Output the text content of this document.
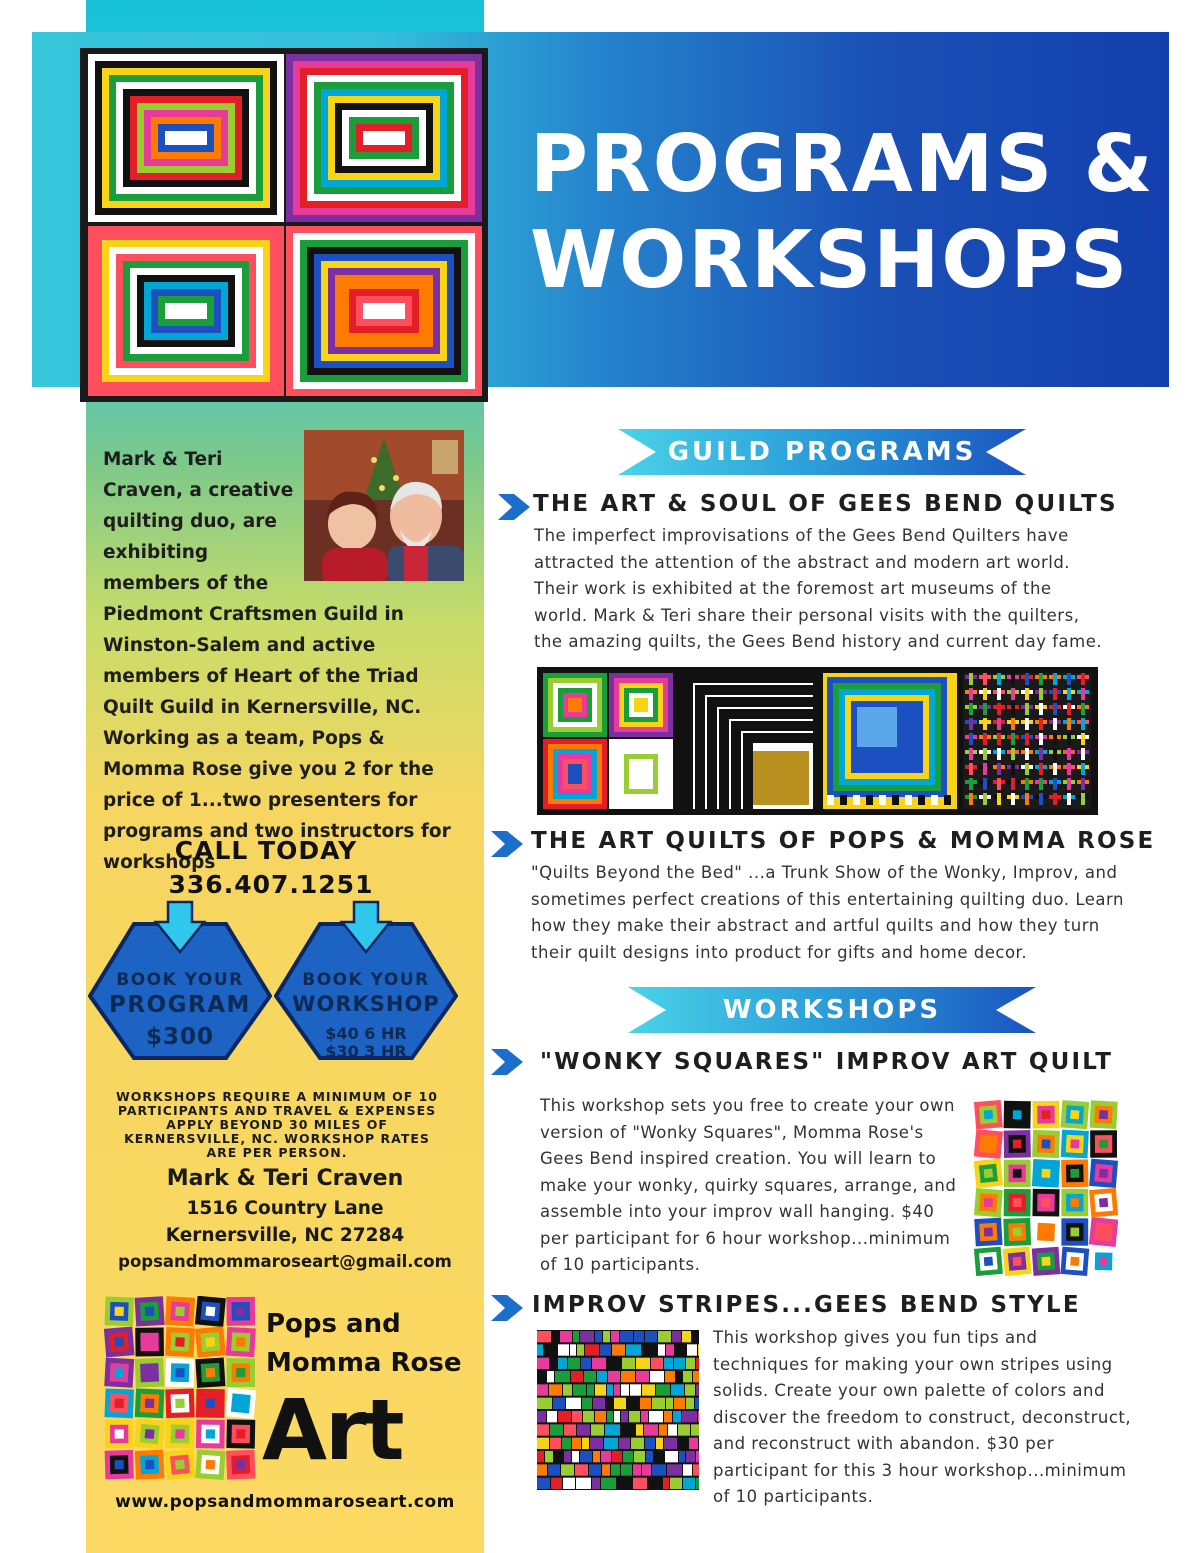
PROGRAMS &
WORKSHOPS

Mark & Teri Craven, a creative quilting duo, are exhibiting members of the Piedmont Craftsmen Guild in Winston-Salem and active members of Heart of the Triad Quilt Guild in Kernersville, NC. Working as a team, Pops & Momma Rose give you 2 for the price of 1...two presenters for programs and two instructors for workshops

CALL TODAY
336.407.1251
BOOK YOUR
PROGRAM
$300
BOOK YOUR
WORKSHOP
$40 6 HR
$30 3 HR

WORKSHOPS REQUIRE A MINIMUM OF 10 PARTICIPANTS AND TRAVEL & EXPENSES APPLY BEYOND 30 MILES OF KERNERSVILLE, NC. WORKSHOP RATES ARE PER PERSON.

Mark & Teri Craven
1516 Country Lane
Kernersville, NC 27284
popsandmommaroseart@gmail.com
Pops and
Momma Rose
Art
www.popsandmommaroseart.com
GUILD PROGRAMS
THE ART & SOUL OF GEES BEND QUILTS

The imperfect improvisations of the Gees Bend Quilters have attracted the attention of the abstract and modern art world. Their work is exhibited at the foremost art museums of the world. Mark & Teri share their personal visits with the quilters, the amazing quilts, the Gees Bend history and current day fame.

THE ART QUILTS OF POPS & MOMMA ROSE

"Quilts Beyond the Bed" ...a Trunk Show of the Wonky, Improv, and sometimes perfect creations of this entertaining quilting duo. Learn how they make their abstract and artful quilts and how they turn their quilt designs into product for gifts and home decor.

WORKSHOPS
"WONKY SQUARES" IMPROV ART QUILT

This workshop sets you free to create your own version of "Wonky Squares", Momma Rose's Gees Bend inspired creation. You will learn to make your wonky, quirky squares, arrange, and assemble into your improv wall hanging. $40 per participant for 6 hour workshop...minimum of 10 participants.

IMPROV STRIPES...GEES BEND STYLE

This workshop gives you fun tips and techniques for making your own stripes using solids. Create your own palette of colors and discover the freedom to construct, deconstruct, and reconstruct with abandon. $30 per participant for this 3 hour workshop...minimum of 10 participants.
